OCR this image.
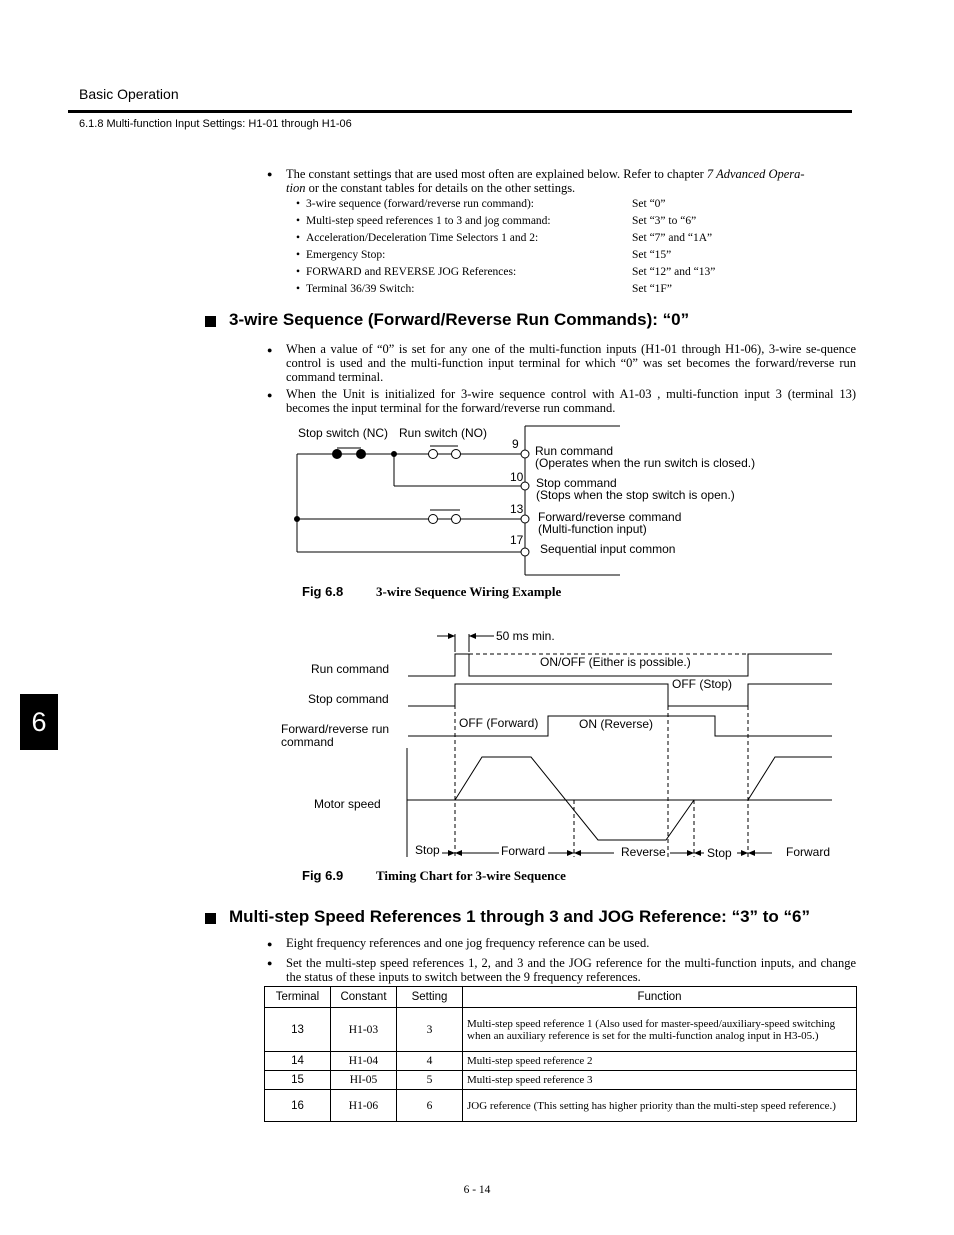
Basic Operation
6.1.8 Multi-function Input Settings: H1-01 through H1-06
6
● The constant settings that are used most often are explained below. Refer to chapter 7 Advanced Opera-
tion or the constant tables for details on the other settings.
• 3-wire sequence (forward/reverse run command):	Set “0”
• Multi-step speed references 1 to 3 and jog command:	Set “3” to “6”
• Acceleration/Deceleration Time Selectors 1 and 2:	Set “7” and “1A”
• Emergency Stop:	Set “15”
• FORWARD and REVERSE JOG References:	Set “12” and “13”
• Terminal 36/39 Switch:	Set “1F”
3-wire Sequence (Forward/Reverse Run Commands): “0”
● When a value of “0” is set for any one of the multi-function inputs (H1-01 through H1-06), 3-wire se-quence control is used and the multi-function input terminal for which “0” was set becomes the forward/reverse run command terminal.
● When the Unit is initialized for 3-wire sequence control with A1-03 , multi-function input 3 (terminal 13) becomes the input terminal for the forward/reverse run command.
Stop switch (NC) Run switch (NO)
9
10
13
17
Run command
(Operates when the run switch is closed.)
Stop command
(Stops when the stop switch is open.)
Forward/reverse command
(Multi-function input)
Sequential input common
Fig 6.8	3-wire Sequence Wiring Example
50 ms min.
Run command
Stop command
Forward/reverse run
command
Motor speed
ON/OFF (Either is possible.)
OFF (Stop)
OFF (Forward)	ON (Reverse)
Stop	Forward	Reverse	Stop	Forward
Fig 6.9	Timing Chart for 3-wire Sequence
Multi-step Speed References 1 through 3 and JOG Reference: “3” to “6”
● Eight frequency references and one jog frequency reference can be used.
● Set the multi-step speed references 1, 2, and 3 and the JOG reference for the multi-function inputs, and change the status of these inputs to switch between the 9 frequency references.
Terminal	Constant	Setting	Function
13	H1-03	3	Multi-step speed reference 1 (Also used for master-speed/auxiliary-speed switching when an auxiliary reference is set for the multi-function analog input in H3-05.)
14	H1-04	4	Multi-step speed reference 2
15	HI-05	5	Multi-step speed reference 3
16	H1-06	6	JOG reference (This setting has higher priority than the multi-step speed reference.)
6 - 14
